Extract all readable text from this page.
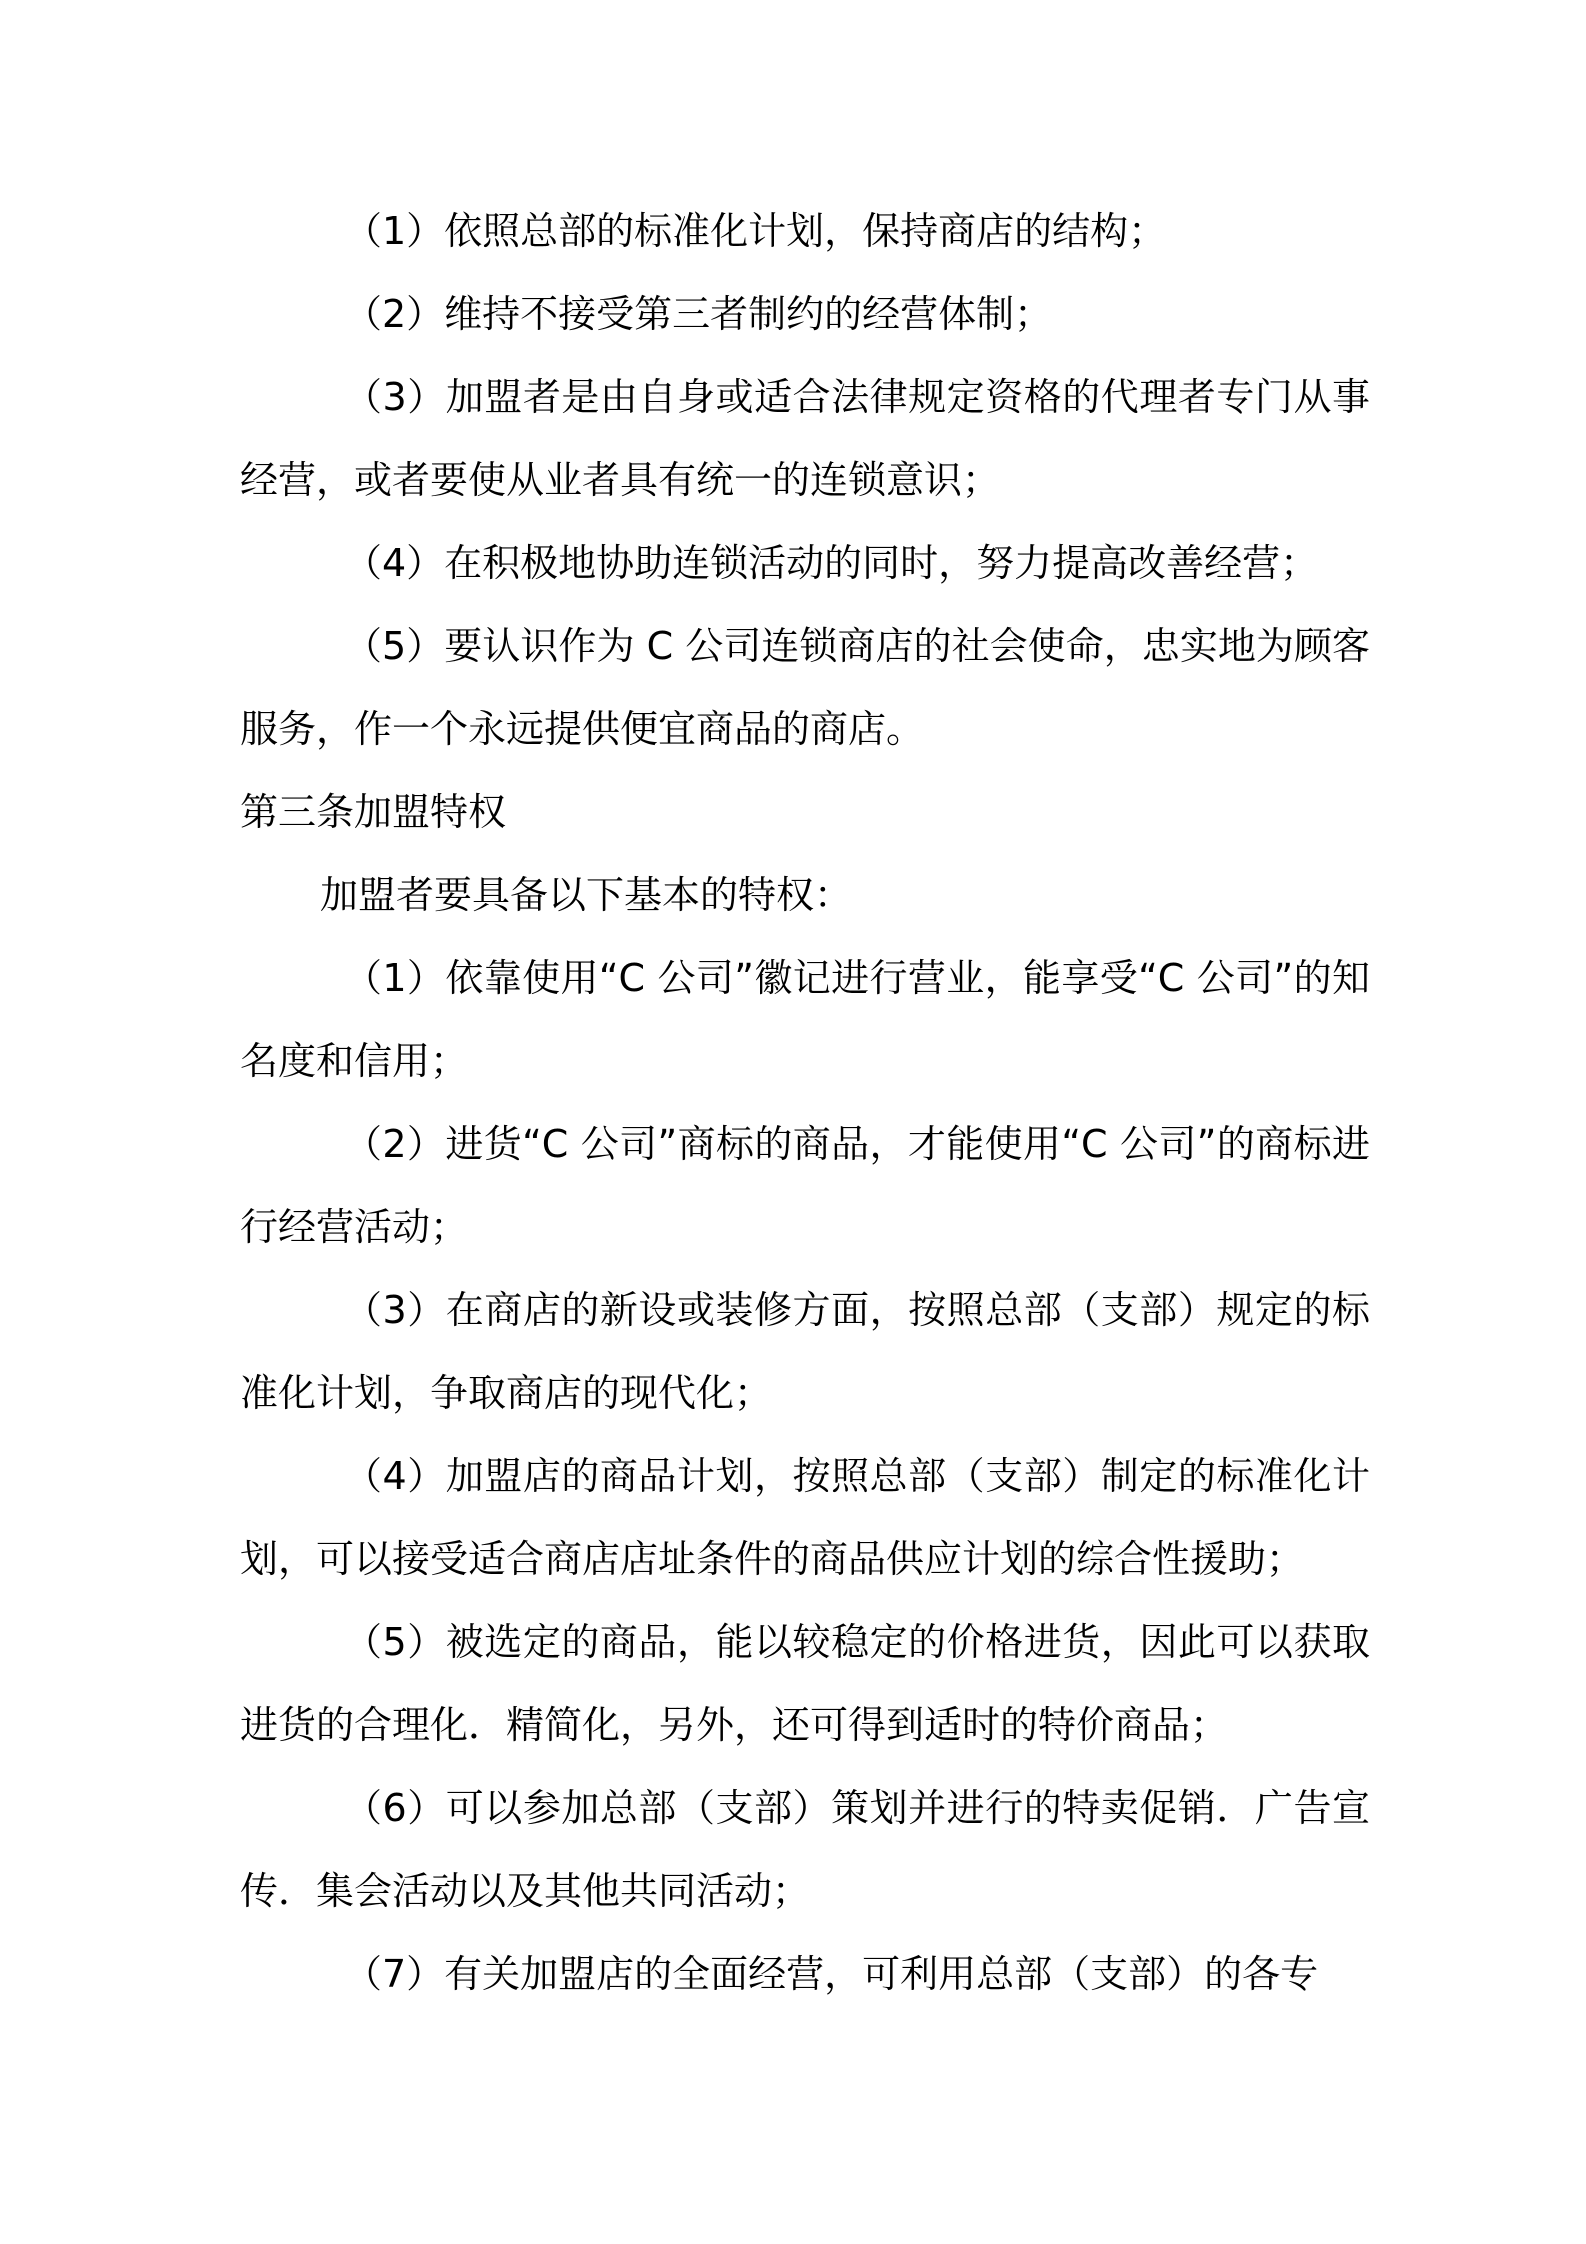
（1）依照总部的标准化计划，保持商店的结构；

（2）维持不接受第三者制约的经营体制；

（3）加盟者是由自身或适合法律规定资格的代理者专门从事经营，或者要使从业者具有统一的连锁意识；

（4）在积极地协助连锁活动的同时，努力提高改善经营；

（5）要认识作为 C 公司连锁商店的社会使命，忠实地为顾客服务，作一个永远提供便宜商品的商店。

第三条加盟特权

加盟者要具备以下基本的特权：

（1）依靠使用“C 公司”徽记进行营业，能享受“C 公司”的知名度和信用；

（2）进货“C 公司”商标的商品，才能使用“C 公司”的商标进行经营活动；

（3）在商店的新设或装修方面，按照总部（支部）规定的标准化计划，争取商店的现代化；

（4）加盟店的商品计划，按照总部（支部）制定的标准化计划，可以接受适合商店店址条件的商品供应计划的综合性援助；

（5）被选定的商品，能以较稳定的价格进货，因此可以获取进货的合理化．精简化，另外，还可得到适时的特价商品；

（6）可以参加总部（支部）策划并进行的特卖促销．广告宣传．集会活动以及其他共同活动；

（7）有关加盟店的全面经营，可利用总部（支部）的各专
